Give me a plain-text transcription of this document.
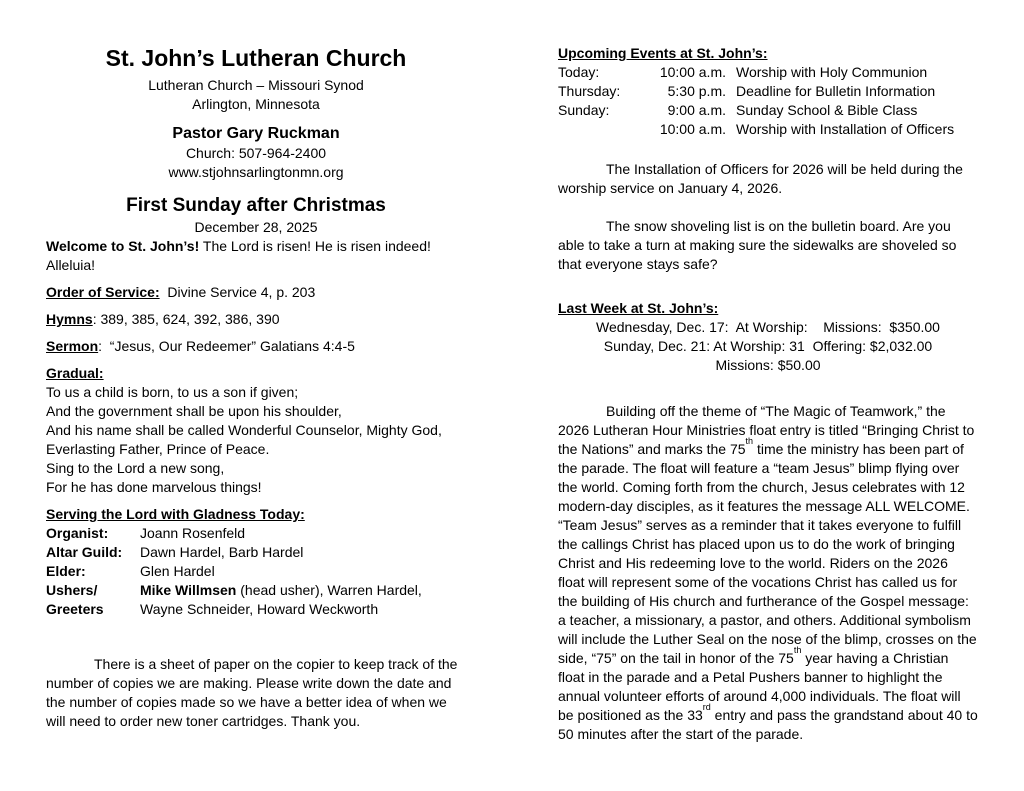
St. John’s Lutheran Church
Lutheran Church – Missouri Synod
Arlington, Minnesota
Pastor Gary Ruckman
Church: 507-964-2400
www.stjohnsarlingtonmn.org
First Sunday after Christmas
December 28, 2025

Welcome to St. John’s! The Lord is risen! He is risen indeed! Alleluia!

Order of Service:  Divine Service 4, p. 203

Hymns: 389, 385, 624, 392, 386, 390

Sermon:  “Jesus, Our Redeemer” Galatians 4:4-5

Gradual:
To us a child is born, to us a son if given;
And the government shall be upon his shoulder,
And his name shall be called Wonderful Counselor, Mighty God,
Everlasting Father, Prince of Peace.
Sing to the Lord a new song,
For he has done marvelous things!
Serving the Lord with Gladness Today:
Organist:	Joann Rosenfeld
Altar Guild:	Dawn Hardel, Barb Hardel
Elder:	Glen Hardel
Ushers/	Mike Willmsen (head usher), Warren Hardel,
Greeters	Wayne Schneider, Howard Weckworth

There is a sheet of paper on the copier to keep track of the number of copies we are making. Please write down the date and the number of copies made so we have a better idea of when we will need to order new toner cartridges. Thank you.

Upcoming Events at St. John’s:
Today:	10:00 a.m. Worship with Holy Communion
Thursday:	5:30 p.m. Deadline for Bulletin Information
Sunday:	9:00 a.m. Sunday School & Bible Class
10:00 a.m. Worship with Installation of Officers

The Installation of Officers for 2026 will be held during the worship service on January 4, 2026.

The snow shoveling list is on the bulletin board. Are you able to take a turn at making sure the sidewalks are shoveled so that everyone stays safe?

Last Week at St. John’s:
Wednesday, Dec. 17:  At Worship:    Missions:  $350.00
Sunday, Dec. 21: At Worship: 31  Offering: $2,032.00
Missions: $50.00

Building off the theme of “The Magic of Teamwork,” the 2026 Lutheran Hour Ministries float entry is titled “Bringing Christ to the Nations” and marks the 75th time the ministry has been part of the parade. The float will feature a “team Jesus” blimp flying over the world. Coming forth from the church, Jesus celebrates with 12 modern-day disciples, as it features the message ALL WELCOME. “Team Jesus” serves as a reminder that it takes everyone to fulfill the callings Christ has placed upon us to do the work of bringing Christ and His redeeming love to the world. Riders on the 2026 float will represent some of the vocations Christ has called us for the building of His church and furtherance of the Gospel message: a teacher, a missionary, a pastor, and others. Additional symbolism will include the Luther Seal on the nose of the blimp, crosses on the side, “75” on the tail in honor of the 75th year having a Christian float in the parade and a Petal Pushers banner to highlight the annual volunteer efforts of around 4,000 individuals. The float will be positioned as the 33rd entry and pass the grandstand about 40 to 50 minutes after the start of the parade.
